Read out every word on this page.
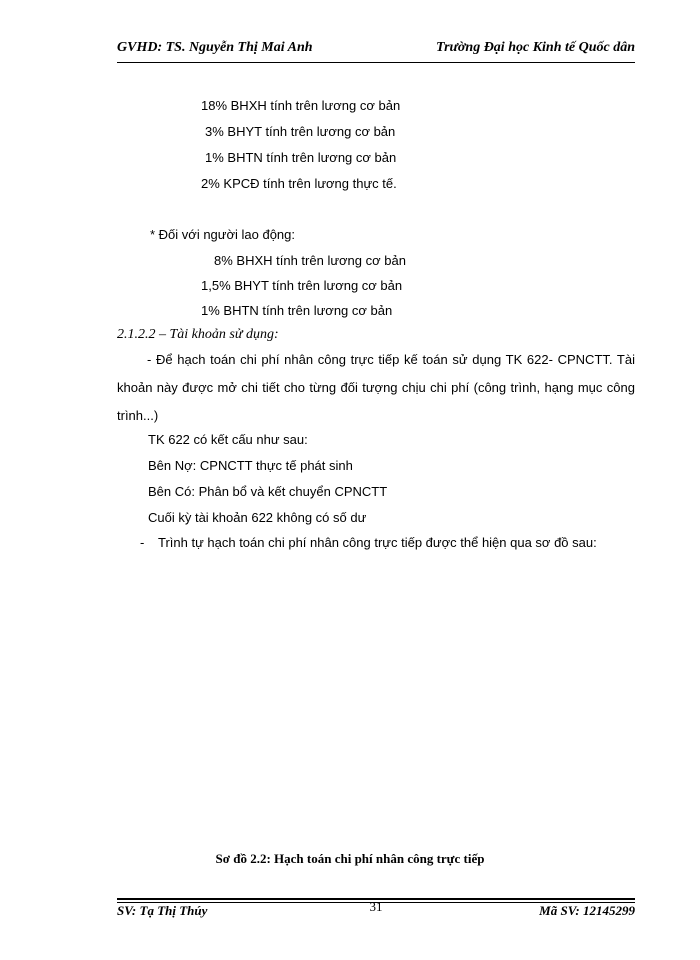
GVHD: TS. Nguyễn Thị Mai Anh	Trường Đại học Kinh tế Quốc dân
18% BHXH tính trên lương cơ bản
3% BHYT tính trên lương cơ bản
1% BHTN tính trên lương cơ bản
2% KPCĐ tính trên lương thực tế.
* Đối với người lao động:
8% BHXH tính trên lương cơ bản
1,5% BHYT tính trên lương cơ bản
1% BHTN tính trên lương cơ bản
2.1.2.2 – Tài khoản sử dụng:
- Để hạch toán chi phí nhân công trực tiếp kế toán sử dụng TK 622- CPNCTT. Tài khoản này được mở chi tiết cho từng đối tượng chịu chi phí (công trình, hạng mục công trình...)
TK 622 có kết cấu như sau:
Bên Nợ: CPNCTT thực tế phát sinh
Bên Có: Phân bổ và kết chuyển CPNCTT
Cuối kỳ tài khoản 622 không có số dư
- Trình tự hạch toán chi phí nhân công trực tiếp được thể hiện qua sơ đồ sau:
Sơ đồ 2.2: Hạch toán chi phí nhân công trực tiếp
SV: Tạ Thị Thúy	31	Mã SV: 12145299
